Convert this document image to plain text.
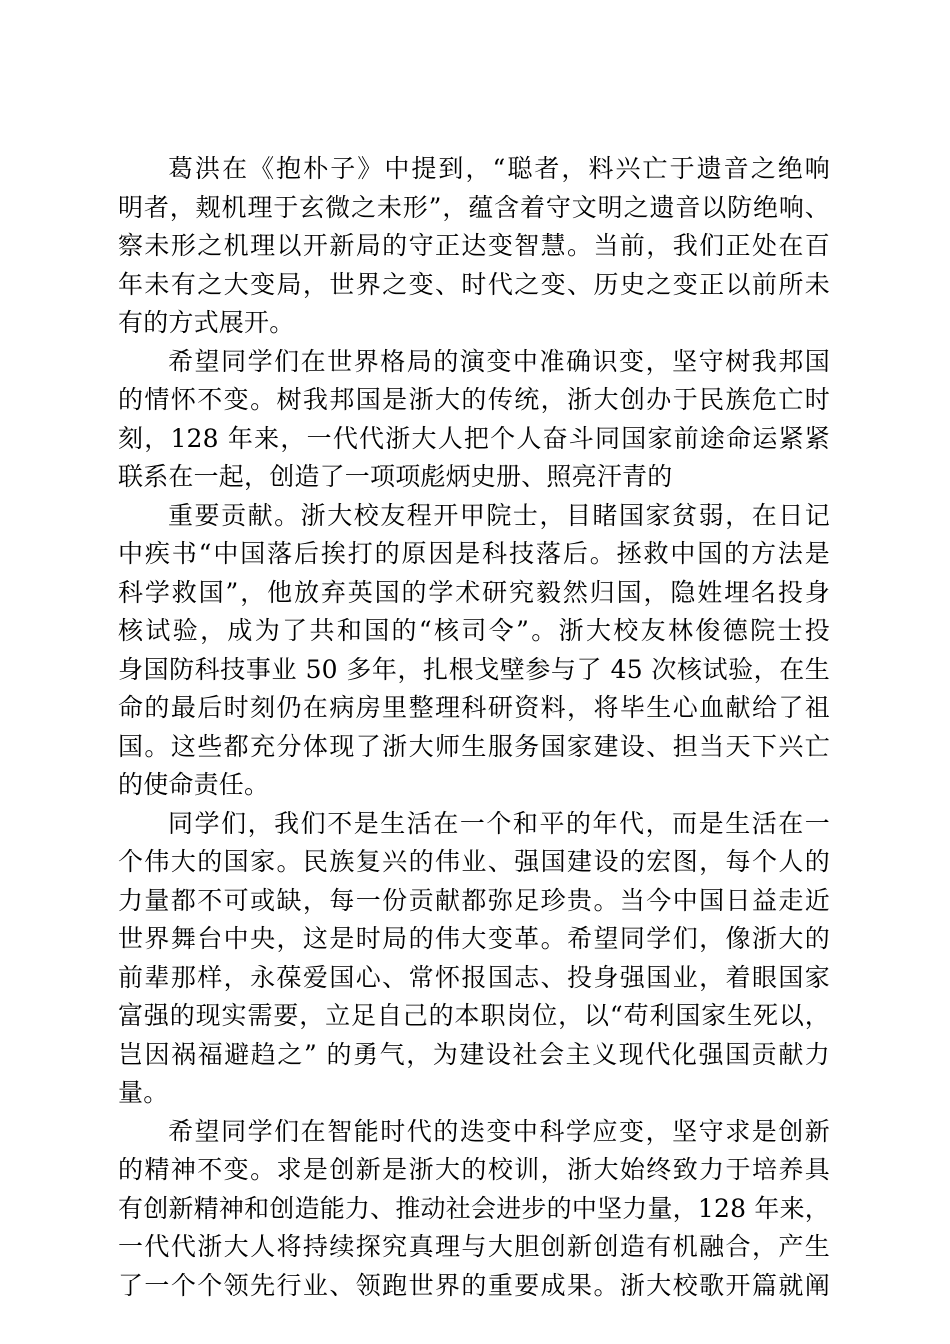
葛洪在《抱朴子》中提到，“聪者，料兴亡于遗音之绝响
明者，觌机理于玄微之未形”，蕴含着守文明之遗音以防绝响、
察未形之机理以开新局的守正达变智慧。当前，我们正处在百
年未有之大变局，世界之变、时代之变、历史之变正以前所未
有的方式展开。
希望同学们在世界格局的演变中准确识变，坚守树我邦国
的情怀不变。树我邦国是浙大的传统，浙大创办于民族危亡时
刻，128 年来，一代代浙大人把个人奋斗同国家前途命运紧紧
联系在一起，创造了一项项彪炳史册、照亮汗青的
重要贡献。浙大校友程开甲院士，目睹国家贫弱，在日记
中疾书“中国落后挨打的原因是科技落后。拯救中国的方法是
科学救国”，他放弃英国的学术研究毅然归国，隐姓埋名投身
核试验，成为了共和国的“核司令”。浙大校友林俊德院士投
身国防科技事业 50 多年，扎根戈壁参与了 45 次核试验，在生
命的最后时刻仍在病房里整理科研资料，将毕生心血献给了祖
国。这些都充分体现了浙大师生服务国家建设、担当天下兴亡
的使命责任。
同学们，我们不是生活在一个和平的年代，而是生活在一
个伟大的国家。民族复兴的伟业、强国建设的宏图，每个人的
力量都不可或缺，每一份贡献都弥足珍贵。当今中国日益走近
世界舞台中央，这是时局的伟大变革。希望同学们，像浙大的
前辈那样，永葆爱国心、常怀报国志、投身强国业，着眼国家
富强的现实需要，立足自己的本职岗位，以“苟利国家生死以，
岂因祸福避趋之” 的勇气，为建设社会主义现代化强国贡献力
量。
希望同学们在智能时代的迭变中科学应变，坚守求是创新
的精神不变。求是创新是浙大的校训，浙大始终致力于培养具
有创新精神和创造能力、推动社会进步的中坚力量，128 年来，
一代代浙大人将持续探究真理与大胆创新创造有机融合，产生
了一个个领先行业、领跑世界的重要成果。浙大校歌开篇就阐
